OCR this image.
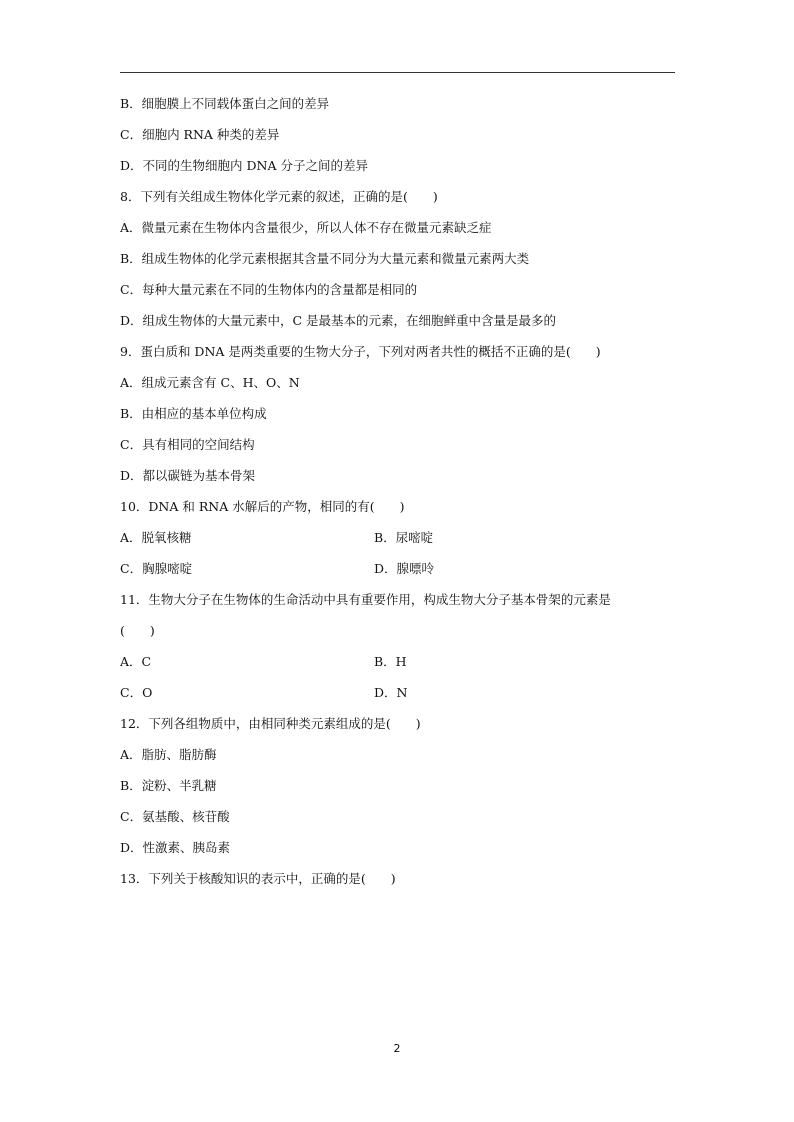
B．细胞膜上不同载体蛋白之间的差异
C．细胞内 RNA 种类的差异
D．不同的生物细胞内 DNA 分子之间的差异
8．下列有关组成生物体化学元素的叙述，正确的是(　　)
A．微量元素在生物体内含量很少，所以人体不存在微量元素缺乏症
B．组成生物体的化学元素根据其含量不同分为大量元素和微量元素两大类
C．每种大量元素在不同的生物体内的含量都是相同的
D．组成生物体的大量元素中，C 是最基本的元素，在细胞鲜重中含量是最多的
9．蛋白质和 DNA 是两类重要的生物大分子，下列对两者共性的概括不正确的是(　　)
A．组成元素含有 C、H、O、N
B．由相应的基本单位构成
C．具有相同的空间结构
D．都以碳链为基本骨架
10．DNA 和 RNA 水解后的产物，相同的有(　　)
A．脱氧核糖	B．尿嘧啶
C．胸腺嘧啶	D．腺嘌呤
11．生物大分子在生物体的生命活动中具有重要作用，构成生物大分子基本骨架的元素是
(　　)
A．C	B．H
C．O	D．N
12．下列各组物质中，由相同种类元素组成的是(　　)
A．脂肪、脂肪酶
B．淀粉、半乳糖
C．氨基酸、核苷酸
D．性激素、胰岛素
13．下列关于核酸知识的表示中，正确的是(　　)
2
